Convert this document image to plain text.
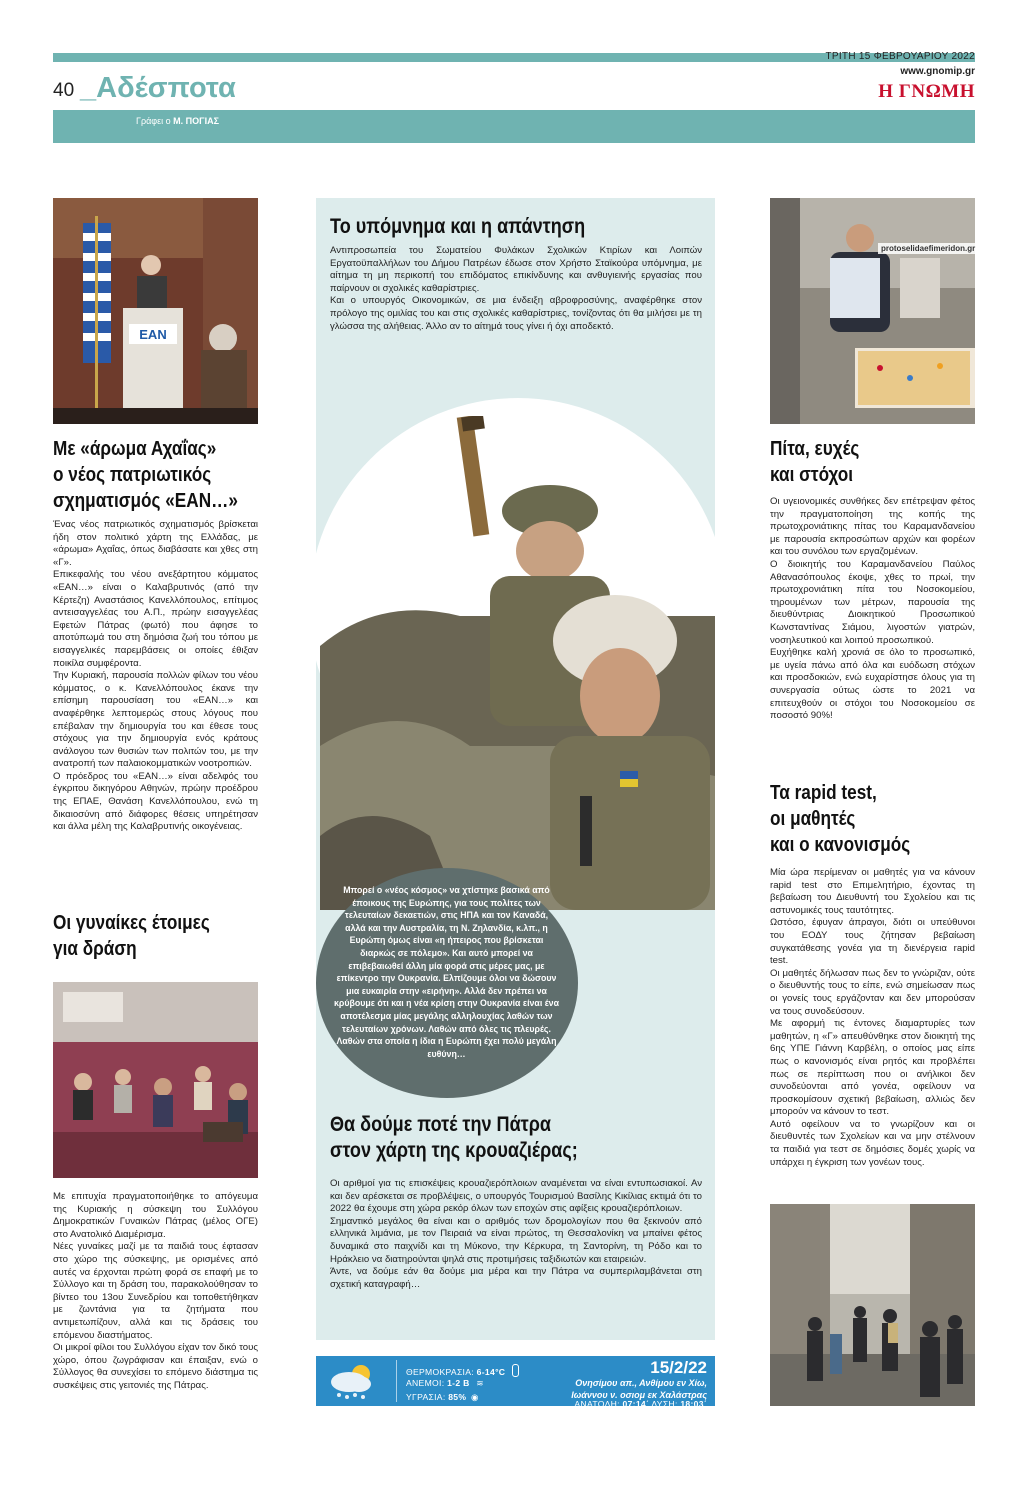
ΤΡΙΤΗ 15 ΦΕΒΡΟΥΑΡΙΟΥ 2022
www.gnomip.gr
Η ΓΝΩΜΗ
40 _Αδέσποτα
Γράφει ο Μ. ΠΟΓΙΑΣ
ΕΑΝ
Με «άρωμα Αχαΐας»
ο νέος πατριωτικός
σχηματισμός «ΕΑΝ…»
Ένας νέος πατριωτικός σχηματισμός βρίσκεται ήδη στον πολιτικό χάρτη της Ελλάδας, με «άρωμα» Αχαΐας, όπως διαβάσατε και χθες στη «Γ».
Επικεφαλής του νέου ανεξάρτητου κόμματος «ΕΑΝ…» είναι ο Καλαβρυτινός (από την Κέρτεζη) Αναστάσιος Κανελλόπουλος, επίτιμος αντεισαγγελέας του Α.Π., πρώην εισαγγελέας Εφετών Πάτρας (φωτό) που άφησε το αποτύπωμά του στη δημόσια ζωή του τόπου με εισαγγελικές παρεμβάσεις οι οποίες έθιξαν ποικίλα συμφέροντα.
Την Κυριακή, παρουσία πολλών φίλων του νέου κόμματος, ο κ. Κανελλόπουλος έκανε την επίσημη παρουσίαση του «ΕΑΝ…» και αναφέρθηκε λεπτομερώς στους λόγους που επέβαλαν την δημιουργία του και έθεσε τους στόχους για την δημιουργία ενός κράτους ανάλογου των θυσιών των πολιτών του, με την ανατροπή των παλαιοκομματικών νοοτροπιών.
Ο πρόεδρος του «ΕΑΝ…» είναι αδελφός του έγκριτου δικηγόρου Αθηνών, πρώην προέδρου της ΕΠΑΕ, Θανάση Κανελλόπουλου, ενώ τη δικαιοσύνη από διάφορες θέσεις υπηρέτησαν και άλλα μέλη της Καλαβρυτινής οικογένειας.
Οι γυναίκες έτοιμες
για δράση
Με επιτυχία πραγματοποιήθηκε το απόγευμα της Κυριακής η σύσκεψη του Συλλόγου Δημοκρατικών Γυναικών Πάτρας (μέλος ΟΓΕ) στο Ανατολικό Διαμέρισμα.
Νέες γυναίκες μαζί με τα παιδιά τους έφτασαν στο χώρο της σύσκεψης, με ορισμένες από αυτές να έρχονται πρώτη φορά σε επαφή με το Σύλλογο και τη δράση του, παρακολούθησαν το βίντεο του 13ου Συνεδρίου και τοποθετήθηκαν με ζωντάνια για τα ζητήματα που αντιμετωπίζουν, αλλά και τις δράσεις του επόμενου διαστήματος.
Οι μικροί φίλοι του Συλλόγου είχαν τον δικό τους χώρο, όπου ζωγράφισαν και έπαιξαν, ενώ ο Σύλλογος θα συνεχίσει το επόμενο διάστημα τις συσκέψεις στις γειτονιές της Πάτρας.
Το υπόμνημα και η απάντηση
Αντιπροσωπεία του Σωματείου Φυλάκων Σχολικών Κτιρίων και Λοιπών Εργατοϋπαλλήλων του Δήμου Πατρέων έδωσε στον Χρήστο Σταϊκούρα υπόμνημα, με αίτημα τη μη περικοπή του επιδόματος επικίνδυνης και ανθυγιεινής εργασίας που παίρνουν οι σχολικές καθαρίστριες.
Και ο υπουργός Οικονομικών, σε μια ένδειξη αβροφροσύνης, αναφέρθηκε στον πρόλογο της ομιλίας του και στις σχολικές καθαρίστριες, τονίζοντας ότι θα μιλήσει με τη γλώσσα της αλήθειας. Άλλο αν το αίτημά τους γίνει ή όχι αποδεκτό.
Μπορεί ο «νέος κόσμος» να χτίστηκε βασικά από έποικους της Ευρώπης, για τους πολίτες των τελευταίων δεκαετιών, στις ΗΠΑ και τον Καναδά, αλλά και την Αυστραλία, τη Ν. Ζηλανδία, κ.λπ., η Ευρώπη όμως είναι «η ήπειρος που βρίσκεται διαρκώς σε πόλεμο». Και αυτό μπορεί να επιβεβαιωθεί άλλη μία φορά στις μέρες μας, με επίκεντρο την Ουκρανία. Ελπίζουμε όλοι να δώσουν μια ευκαιρία στην «ειρήνη». Αλλά δεν πρέπει να κρύβουμε ότι και η νέα κρίση στην Ουκρανία είναι ένα αποτέλεσμα μίας μεγάλης αλληλουχίας λαθών των τελευταίων χρόνων. Λαθών από όλες τις πλευρές. Λαθών στα οποία η ίδια η Ευρώπη έχει πολύ μεγάλη ευθύνη…
Θα δούμε ποτέ την Πάτρα
στον χάρτη της κρουαζιέρας;
Οι αριθμοί για τις επισκέψεις κρουαζιερόπλοιων αναμένεται να είναι εντυπωσιακοί. Αν και δεν αρέσκεται σε προβλέψεις, ο υπουργός Τουρισμού Βασίλης Κικίλιας εκτιμά ότι το 2022 θα έχουμε στη χώρα ρεκόρ όλων των εποχών στις αφίξεις κρουαζιερόπλοιων.
Σημαντικό μεγάλος θα είναι και ο αριθμός των δρομολογίων που θα ξεκινούν από ελληνικά λιμάνια, με τον Πειραιά να είναι πρώτος, τη Θεσσαλονίκη να μπαίνει φέτος δυναμικά στο παιχνίδι και τη Μύκονο, την Κέρκυρα, τη Σαντορίνη, τη Ρόδο και το Ηράκλειο να διατηρούνται ψηλά στις προτιμήσεις ταξιδιωτών και εταιρειών.
Άντε, να δούμε εάν θα δούμε μια μέρα και την Πάτρα να συμπεριλαμβάνεται στη σχετική καταγραφή…
ΘΕΡΜΟΚΡΑΣΙΑ: 6-14°C
ΑΝΕΜΟΙ: 1-2 B ≋
ΥΓΡΑΣΙΑ: 85% ◉
15/2/22
Ονησίμου απ., Ανθίμου εν Χίω,
Ιωάννου ν. οσιομ εκ Χαλάστρας
ΑΝΑΤΟΛΗ: 07:14΄ ΔΥΣΗ: 18:03΄
protoselidaefimeridon.gr
Πίτα, ευχές
και στόχοι
Οι υγειονομικές συνθήκες δεν επέτρεψαν φέτος την πραγματοποίηση της κοπής της πρωτοχρονιάτικης πίτας του Καραμανδανείου με παρουσία εκπροσώπων αρχών και φορέων και του συνόλου των εργαζομένων.
Ο διοικητής του Καραμανδανείου Παύλος Αθανασόπουλος έκοψε, χθες το πρωί, την πρωτοχρονιάτικη πίτα του Νοσοκομείου, τηρουμένων των μέτρων, παρουσία της διευθύντριας Διοικητικού Προσωπικού Κωνσταντίνας Σιάμου, λιγοστών γιατρών, νοσηλευτικού και λοιπού προσωπικού.
Ευχήθηκε καλή χρονιά σε όλο το προσωπικό, με υγεία πάνω από όλα και ευόδωση στόχων και προσδοκιών, ενώ ευχαρίστησε όλους για τη συνεργασία ούτως ώστε το 2021 να επιτευχθούν οι στόχοι του Νοσοκομείου σε ποσοστό 90%!
Τα rapid test,
οι μαθητές
και ο κανονισμός
Μία ώρα περίμεναν οι μαθητές για να κάνουν rapid test στο Επιμελητήριο, έχοντας τη βεβαίωση του Διευθυντή του Σχολείου και τις αστυνομικές τους ταυτότητες.
Ωστόσο, έφυγαν άπραγοι, διότι οι υπεύθυνοι του ΕΟΔΥ τους ζήτησαν βεβαίωση συγκατάθεσης γονέα για τη διενέργεια rapid test.
Οι μαθητές δήλωσαν πως δεν το γνώριζαν, ούτε ο διευθυντής τους το είπε, ενώ σημείωσαν πως οι γονείς τους εργάζονταν και δεν μπορούσαν να τους συνοδεύσουν.
Με αφορμή τις έντονες διαμαρτυρίες των μαθητών, η «Γ» απευθύνθηκε στον διοικητή της 6ης ΥΠΕ Γιάννη Καρβέλη, ο οποίος μας είπε πως ο κανονισμός είναι ρητός και προβλέπει πως σε περίπτωση που οι ανήλικοι δεν συνοδεύονται από γονέα, οφείλουν να προσκομίσουν σχετική βεβαίωση, αλλιώς δεν μπορούν να κάνουν το τεστ.
Αυτό οφείλουν να το γνωρίζουν και οι διευθυντές των Σχολείων και να μην στέλνουν τα παιδιά για τεστ σε δημόσιες δομές χωρίς να υπάρχει η έγκριση των γονέων τους.
